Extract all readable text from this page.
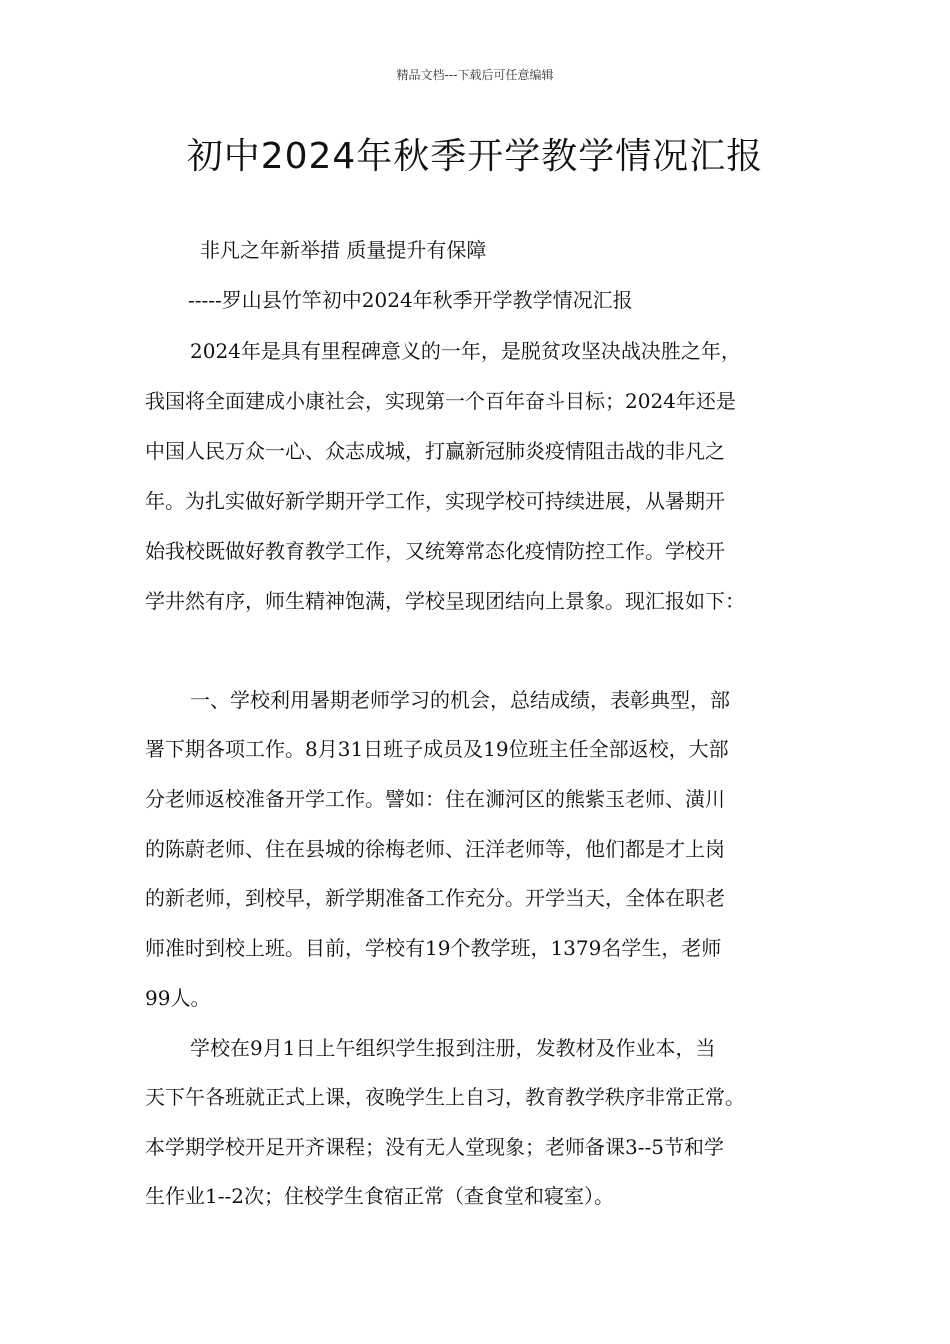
精品文档---下载后可任意编辑
初中2024年秋季开学教学情况汇报
非凡之年新举措 质量提升有保障
-----罗山县竹竿初中2024年秋季开学教学情况汇报
2024年是具有里程碑意义的一年，是脱贫攻坚决战决胜之年，
我国将全面建成小康社会，实现第一个百年奋斗目标；2024年还是
中国人民万众一心、众志成城，打赢新冠肺炎疫情阻击战的非凡之
年。为扎实做好新学期开学工作，实现学校可持续进展，从暑期开
始我校既做好教育教学工作，又统筹常态化疫情防控工作。学校开
学井然有序，师生精神饱满，学校呈现团结向上景象。现汇报如下：
一、学校利用暑期老师学习的机会，总结成绩，表彰典型，部
署下期各项工作。8月31日班子成员及19位班主任全部返校，大部
分老师返校准备开学工作。譬如：住在浉河区的熊紫玉老师、潢川
的陈蔚老师、住在县城的徐梅老师、汪洋老师等，他们都是才上岗
的新老师，到校早，新学期准备工作充分。开学当天，全体在职老
师准时到校上班。目前，学校有19个教学班，1379名学生，老师
99人。
学校在9月1日上午组织学生报到注册，发教材及作业本，当
天下午各班就正式上课，夜晚学生上自习，教育教学秩序非常正常。
本学期学校开足开齐课程；没有无人堂现象；老师备课3--5节和学
生作业1--2次；住校学生食宿正常（查食堂和寝室）。
